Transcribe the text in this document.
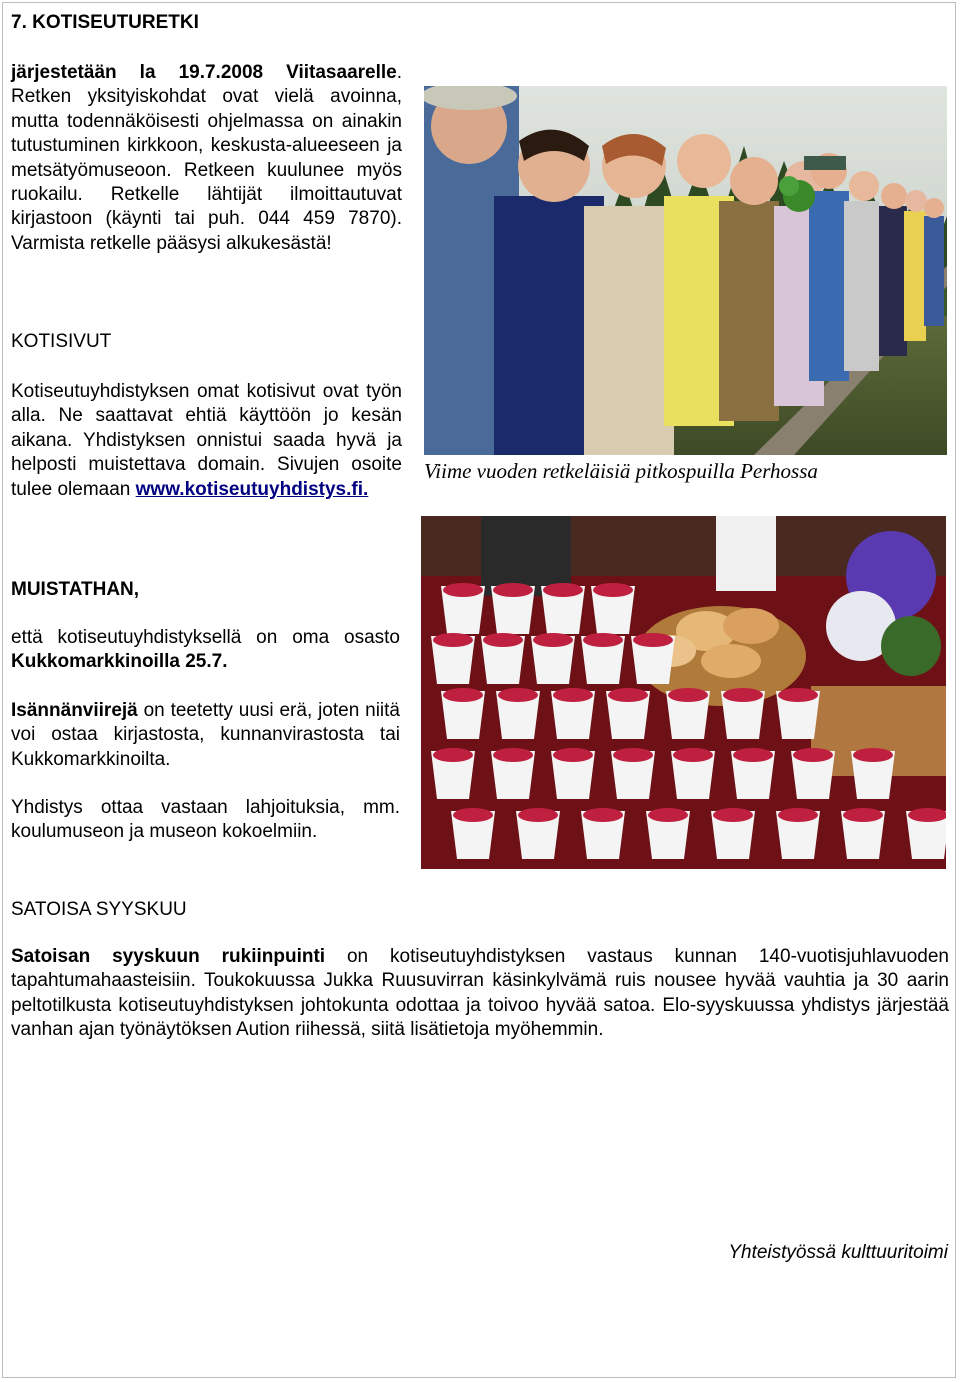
7. KOTISEUTURETKI

järjestetään la 19.7.2008 Viitasaarelle. Retken yksityiskohdat ovat vielä avoinna, mutta todennäköisesti ohjelmassa on ainakin tutustuminen kirkkoon, keskusta-alueeseen ja metsätyömuseoon. Retkeen kuulunee myös ruokailu. Retkelle lähtijät ilmoittautuvat kirjastoon (käynti tai puh. 044 459 7870). Varmista retkelle pääsysi alkukesästä!

KOTISIVUT

Kotiseutuyhdistyksen omat kotisivut ovat työn alla. Ne saattavat ehtiä käyttöön jo kesän aikana. Yhdistyksen onnistui saada hyvä ja helposti muistettava domain. Sivujen osoite tulee olemaan www.kotiseutuyhdistys.fi.

MUISTATHAN,

että kotiseutuyhdistyksellä on oma osasto Kukkomarkkinoilla 25.7.

Isännänviirejä on teetetty uusi erä, joten niitä voi ostaa kirjastosta, kunnanvirastosta tai Kukkomarkkinoilta.

Yhdistys ottaa vastaan lahjoituksia, mm. koulumuseon ja museon kokoelmiin.

Viime vuoden retkeläisiä pitkospuilla Perhossa
SATOISA SYYSKUU

Satoisan syyskuun rukiinpuinti on kotiseutuyhdistyksen vastaus kunnan 140-vuotisjuhlavuoden tapahtumahaasteisiin. Toukokuussa Jukka Ruusuvirran käsinkylvämä ruis nousee hyvää vauhtia ja 30 aarin peltotilkusta kotiseutuyhdistyksen johtokunta odottaa ja toivoo hyvää satoa. Elo-syyskuussa yhdistys järjestää vanhan ajan työnäytöksen Aution riihessä, siitä lisätietoja myöhemmin.

Yhteistyössä kulttuuritoimi
